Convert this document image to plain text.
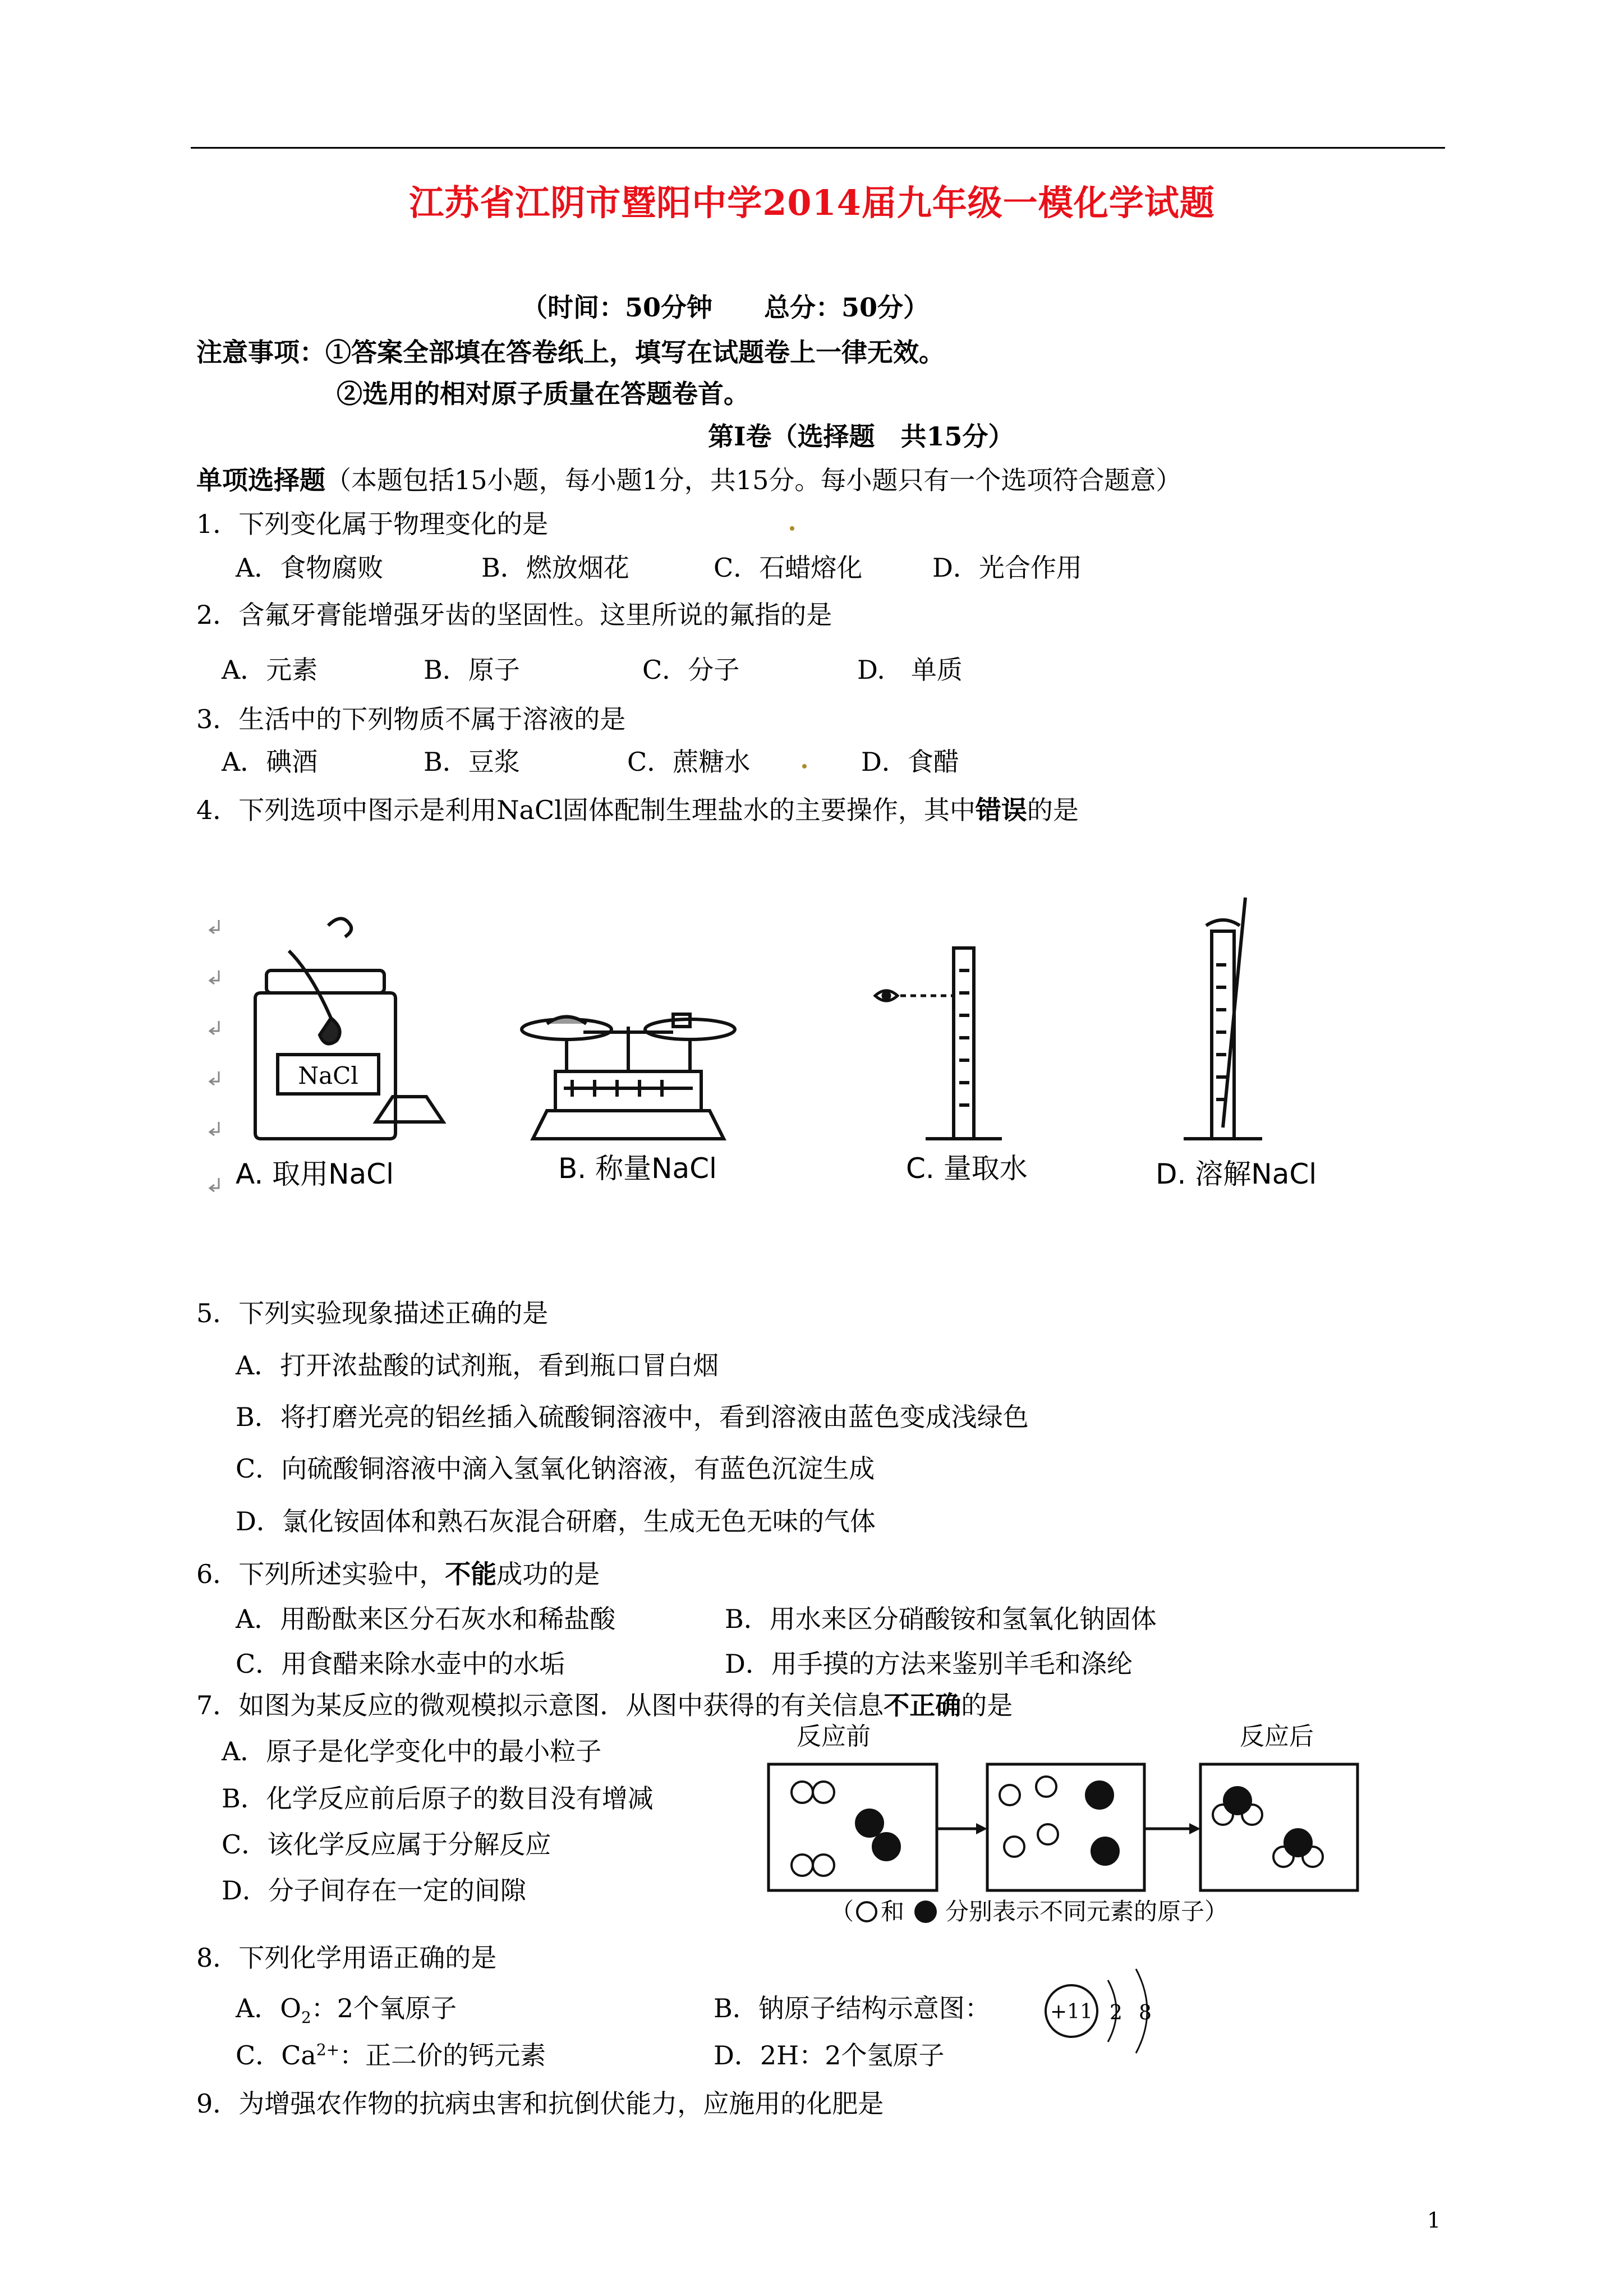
江苏省江阴市暨阳中学2014届九年级一模化学试题
（时间：50分钟　　总分：50分）
注意事项：①答案全部填在答卷纸上，填写在试题卷上一律无效。
②选用的相对原子质量在答题卷首。
第Ⅰ卷（选择题　共15分）
单项选择题（本题包括15小题，每小题1分，共15分。每小题只有一个选项符合题意）
1．下列变化属于物理变化的是
A．食物腐败	B．燃放烟花	C．石蜡熔化	D．光合作用
2．含氟牙膏能增强牙齿的坚固性。这里所说的氟指的是
A．元素	B．原子	C．分子	D.　单质
3．生活中的下列物质不属于溶液的是
A．碘酒	B．豆浆	C．蔗糖水	D．食醋
4．下列选项中图示是利用NaCl固体配制生理盐水的主要操作，其中错误的是
NaCl
A. 取用NaCl	B. 称量NaCl	C. 量取水	D. 溶解NaCl
5．下列实验现象描述正确的是
A．打开浓盐酸的试剂瓶，看到瓶口冒白烟
B．将打磨光亮的铝丝插入硫酸铜溶液中，看到溶液由蓝色变成浅绿色
C．向硫酸铜溶液中滴入氢氧化钠溶液，有蓝色沉淀生成
D．氯化铵固体和熟石灰混合研磨，生成无色无味的气体
6．下列所述实验中，不能成功的是
A．用酚酞来区分石灰水和稀盐酸	B．用水来区分硝酸铵和氢氧化钠固体
C．用食醋来除水壶中的水垢	D．用手摸的方法来鉴别羊毛和涤纶
7．如图为某反应的微观模拟示意图．从图中获得的有关信息不正确的是
A．原子是化学变化中的最小粒子
B．化学反应前后原子的数目没有增减
C．该化学反应属于分解反应
D．分子间存在一定的间隙
反应前	反应后
（ 和 分别表示不同元素的原子）
8．下列化学用语正确的是
A．$O_2$：2个氧原子	B．钠原子结构示意图：
C．$Ca^{2+}$：正二价的钙元素	D．2H：2个氢原子
+11 2 8
9．为增强农作物的抗病虫害和抗倒伏能力，应施用的化肥是
1
